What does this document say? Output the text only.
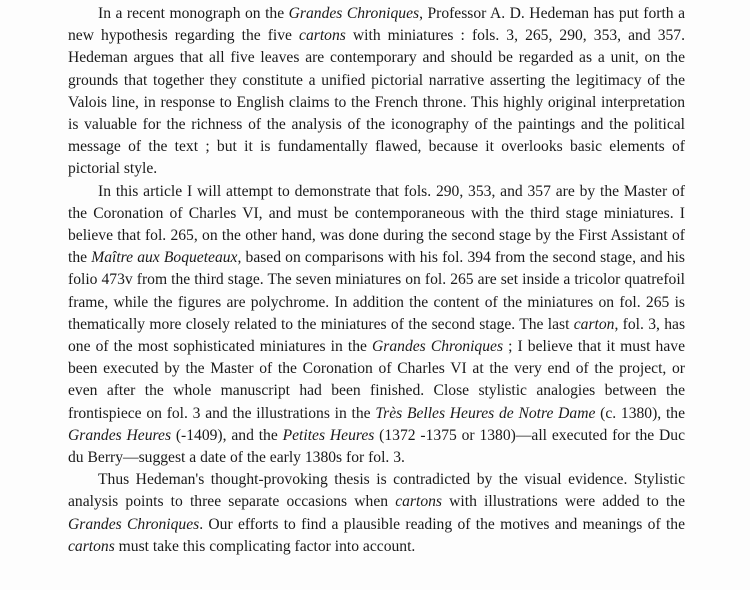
In a recent monograph on the Grandes Chroniques, Professor A. D. Hedeman has put forth a new hypothesis regarding the five cartons with miniatures : fols. 3, 265, 290, 353, and 357. Hedeman argues that all five leaves are contemporary and should be regarded as a unit, on the grounds that together they constitute a unified pictorial narrative asserting the legitimacy of the Valois line, in response to English claims to the French throne. This highly original interpretation is valuable for the richness of the analysis of the iconography of the paintings and the political message of the text ; but it is fundamentally flawed, because it overlooks basic elements of pictorial style.

In this article I will attempt to demonstrate that fols. 290, 353, and 357 are by the Master of the Coronation of Charles VI, and must be contemporaneous with the third stage miniatures. I believe that fol. 265, on the other hand, was done during the second stage by the First Assistant of the Maître aux Boqueteaux, based on comparisons with his fol. 394 from the second stage, and his folio 473v from the third stage. The seven miniatures on fol. 265 are set inside a tricolor quatrefoil frame, while the figures are polychrome. In addition the content of the miniatures on fol. 265 is thematically more closely related to the miniatures of the second stage. The last carton, fol. 3, has one of the most sophisticated miniatures in the Grandes Chroniques ; I believe that it must have been executed by the Master of the Coronation of Charles VI at the very end of the project, or even after the whole manuscript had been finished. Close stylistic analogies between the frontispiece on fol. 3 and the illustrations in the Très Belles Heures de Notre Dame (c. 1380), the Grandes Heures (-1409), and the Petites Heures (1372 -1375 or 1380)—all executed for the Duc du Berry—suggest a date of the early 1380s for fol. 3.

Thus Hedeman's thought-provoking thesis is contradicted by the visual evidence. Stylistic analysis points to three separate occasions when cartons with illustrations were added to the Grandes Chroniques. Our efforts to find a plausible reading of the motives and meanings of the cartons must take this complicating factor into account.
